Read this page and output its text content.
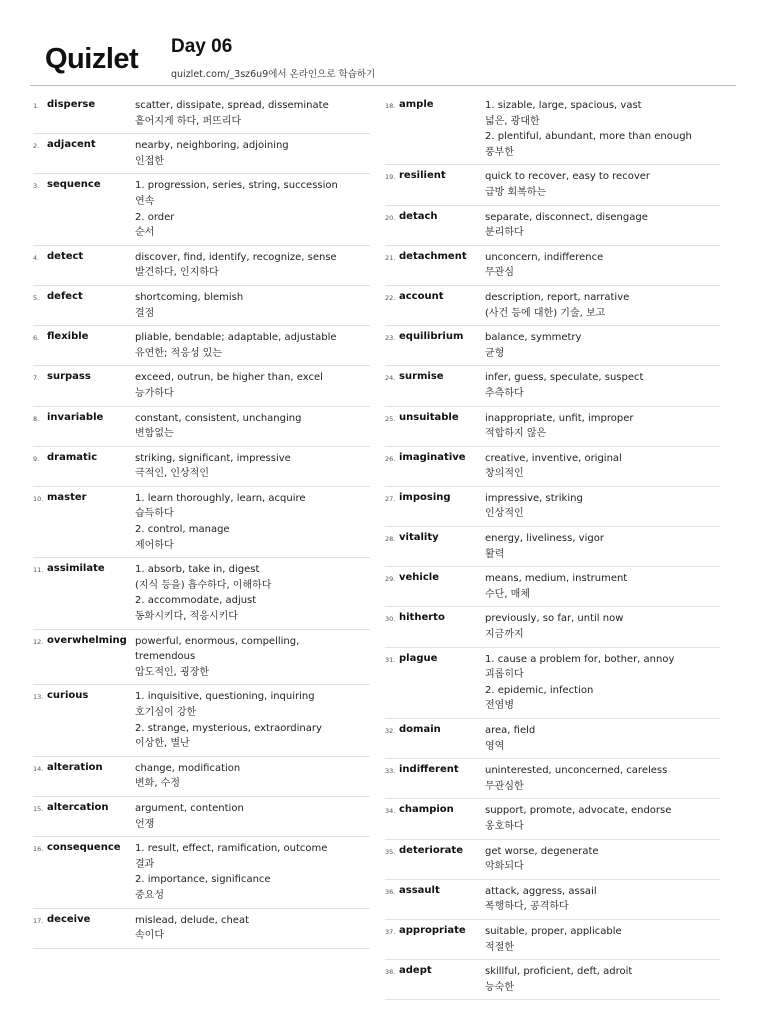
Quizlet Day 06
quizlet.com/_3sz6u9에서 온라인으로 학습하기
1. disperse	scatter, dissipate, spread, disseminate
흩어지게 하다, 퍼뜨리다
2. adjacent	nearby, neighboring, adjoining
인접한
3. sequence	1. progression, series, string, succession
연속
2. order
순서
4. detect	discover, find, identify, recognize, sense
발견하다, 인지하다
5. defect	shortcoming, blemish
결점
6. flexible	pliable, bendable; adaptable, adjustable
유연한; 적응성 있는
7. surpass	exceed, outrun, be higher than, excel
능가하다
8. invariable	constant, consistent, unchanging
변함없는
9. dramatic	striking, significant, impressive
극적인, 인상적인
10. master	1. learn thoroughly, learn, acquire
습득하다
2. control, manage
제어하다
11. assimilate	1. absorb, take in, digest
(지식 등을) 흡수하다, 이해하다
2. accommodate, adjust
동화시키다, 적응시키다
12. overwhelming powerful, enormous, compelling,
tremendous
압도적인, 굉장한
13. curious	1. inquisitive, questioning, inquiring
호기심이 강한
2. strange, mysterious, extraordinary
이상한, 별난
14. alteration	change, modification
변화, 수정
15. altercation	argument, contention
언쟁
16. consequence 1. result, effect, ramification, outcome
결과
2. importance, significance
중요성
17. deceive	mislead, delude, cheat
속이다
18. ample	1. sizable, large, spacious, vast
넓은, 광대한
2. plentiful, abundant, more than enough
풍부한
19. resilient	quick to recover, easy to recover
급방 회복하는
20. detach	separate, disconnect, disengage
분리하다
21. detachment unconcern, indifference
무관심
22. account	description, report, narrative
(사건 등에 대한) 기술, 보고
23. equilibrium balance, symmetry
균형
24. surmise	infer, guess, speculate, suspect
추측하다
25. unsuitable	inappropriate, unfit, improper
적합하지 않은
26. imaginative creative, inventive, original
창의적인
27. imposing	impressive, striking
인상적인
28. vitality	energy, liveliness, vigor
활력
29. vehicle	means, medium, instrument
수단, 매체
30. hitherto	previously, so far, until now
지금까지
31. plague	1. cause a problem for, bother, annoy
괴롭히다
2. epidemic, infection
전염병
32. domain	area, field
영역
33. indifferent	uninterested, unconcerned, careless
무관심한
34. champion	support, promote, advocate, endorse
옹호하다
35. deteriorate get worse, degenerate
악화되다
36. assault	attack, aggress, assail
폭행하다, 공격하다
37. appropriate suitable, proper, applicable
적절한
38. adept	skillful, proficient, deft, adroit
능숙한
